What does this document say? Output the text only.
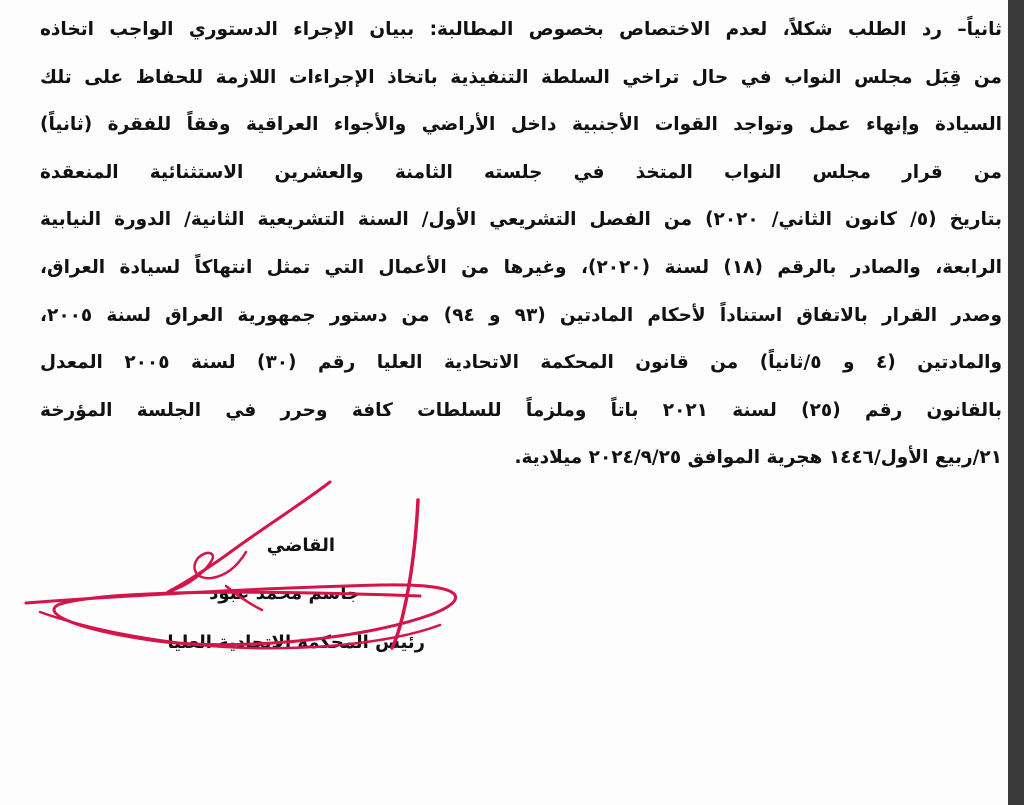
ثانياً– رد الطلب شكلاً، لعدم الاختصاص بخصوص المطالبة: ببيان الإجراء الدستوري الواجب اتخاذه
من قِبَل مجلس النواب في حال تراخي السلطة التنفيذية باتخاذ الإجراءات اللازمة للحفاظ على تلك
السيادة وإنهاء عمل وتواجد القوات الأجنبية داخل الأراضي والأجواء العراقية وفقاً للفقرة (ثانياً)
من قرار مجلس النواب المتخذ في جلسته الثامنة والعشرين الاستثنائية المنعقدة
بتاريخ (٥/ كانون الثاني/ ٢٠٢٠) من الفصل التشريعي الأول/ السنة التشريعية الثانية/ الدورة النيابية
الرابعة، والصادر بالرقم (١٨) لسنة (٢٠٢٠)، وغيرها من الأعمال التي تمثل انتهاكاً لسيادة العراق،
وصدر القرار بالاتفاق استناداً لأحكام المادتين (٩٣ و ٩٤) من دستور جمهورية العراق لسنة ٢٠٠٥،
والمادتين (٤ و ٥/ثانياً) من قانون المحكمة الاتحادية العليا رقم (٣٠) لسنة ٢٠٠٥ المعدل
بالقانون رقم (٢٥) لسنة ٢٠٢١ باتاً وملزماً للسلطات كافة وحرر في الجلسة المؤرخة
٢١/ربيع الأول/١٤٤٦ هجرية الموافق ٢٠٢٤/٩/٢٥ ميلادية.
القاضي
جاسم محمد عبود
رئيس المحكمة الاتحادية العليا
